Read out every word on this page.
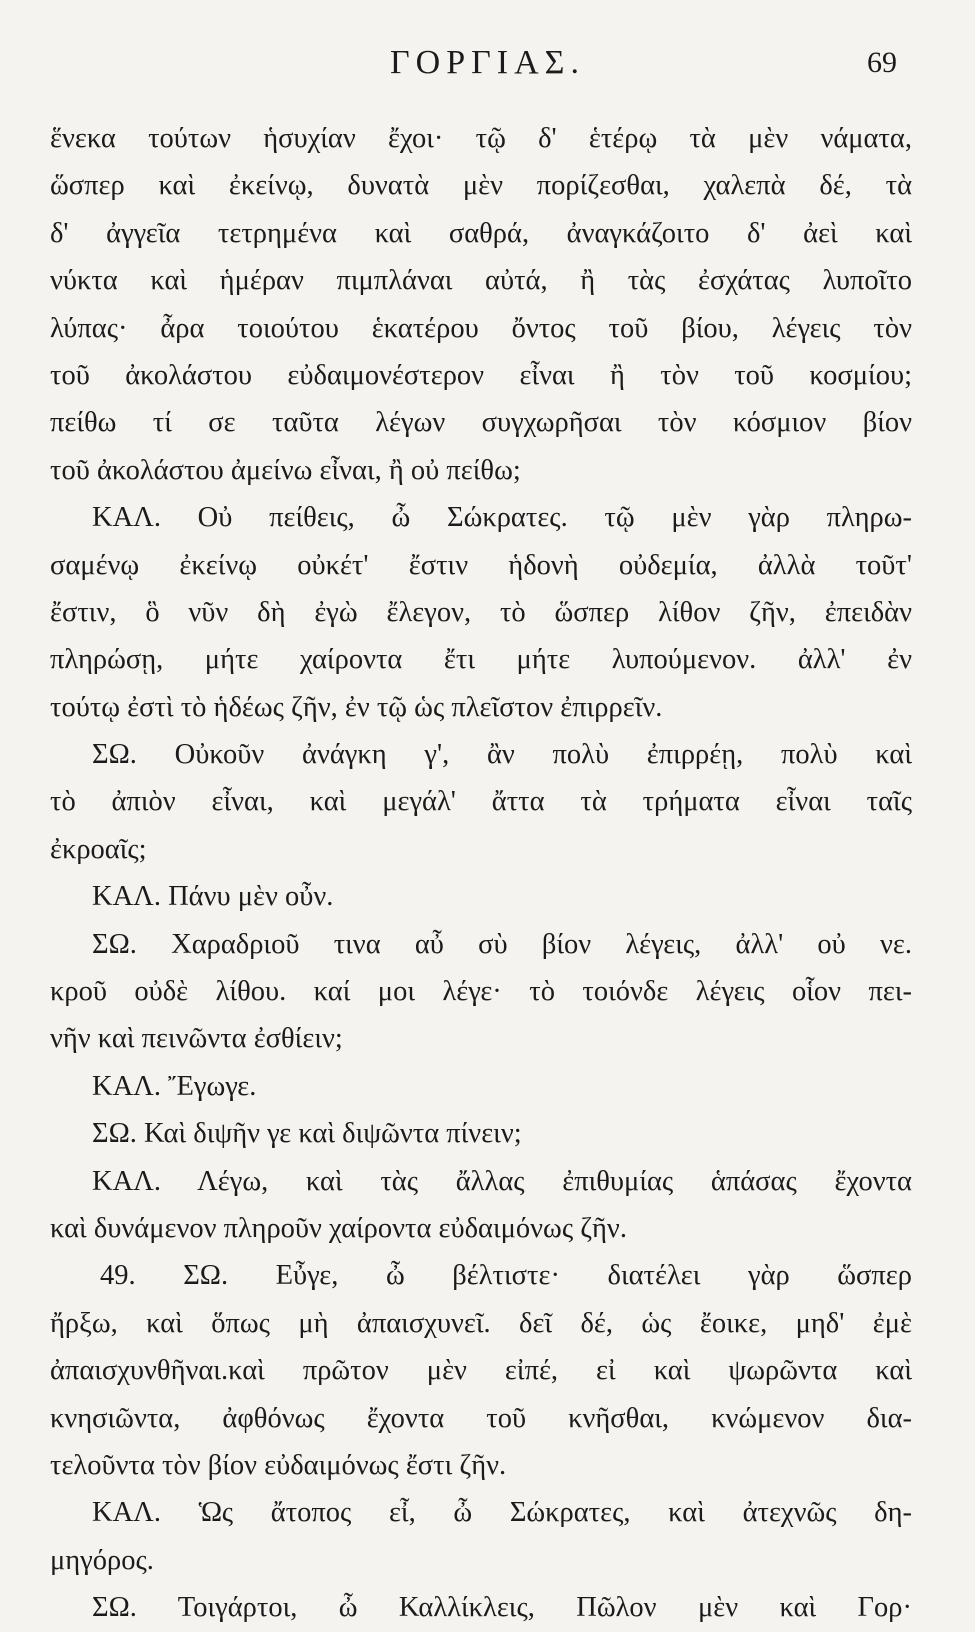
ΓΟΡΓΙΑΣ.	69
ἕνεκα τούτων ἡσυχίαν ἔχοι· τῷ δ' ἑτέρῳ τὰ μὲν νάματα,
ὥσπερ καὶ ἐκείνῳ, δυνατὰ μὲν πορίζεσθαι, χαλεπὰ δέ, τὰ
δ' ἀγγεῖα τετρημένα καὶ σαθρά, ἀναγκάζοιτο δ' ἀεὶ καὶ
νύκτα καὶ ἡμέραν πιμπλάναι αὐτά, ἢ τὰς ἐσχάτας λυποῖτο
λύπας· ἆρα τοιούτου ἑκατέρου ὄντος τοῦ βίου, λέγεις τὸν
τοῦ ἀκολάστου εὐδαιμονέστερον εἶναι ἢ τὸν τοῦ κοσμίου;
πείθω τί σε ταῦτα λέγων συγχωρῆσαι τὸν κόσμιον βίον
τοῦ ἀκολάστου ἀμείνω εἶναι, ἢ οὐ πείθω;
ΚΑΛ. Οὐ πείθεις, ὦ Σώκρατες. τῷ μὲν γὰρ πληρω-
σαμένῳ ἐκείνῳ οὐκέτ' ἔστιν ἡδονὴ οὐδεμία, ἀλλὰ τοῦτ'
ἔστιν, ὃ νῦν δὴ ἐγὼ ἔλεγον, τὸ ὥσπερ λίθον ζῆν, ἐπειδὰν
πληρώσῃ, μήτε χαίροντα ἔτι μήτε λυπούμενον. ἀλλ' ἐν
τούτῳ ἐστὶ τὸ ἡδέως ζῆν, ἐν τῷ ὡς πλεῖστον ἐπιρρεῖν.
ΣΩ. Οὐκοῦν ἀνάγκη γ', ἂν πολὺ ἐπιρρέῃ, πολὺ καὶ
τὸ ἀπιὸν εἶναι, καὶ μεγάλ' ἄττα τὰ τρήματα εἶναι ταῖς
ἐκροαῖς;
ΚΑΛ. Πάνυ μὲν οὖν.
ΣΩ. Χαραδριοῦ τινα αὖ σὺ βίον λέγεις, ἀλλ' οὐ νε.
κροῦ οὐδὲ λίθου. καί μοι λέγε· τὸ τοιόνδε λέγεις οἷον πει-
νῆν καὶ πεινῶντα ἐσθίειν;
ΚΑΛ. Ἔγωγε.
ΣΩ. Καὶ διψῆν γε καὶ διψῶντα πίνειν;
ΚΑΛ. Λέγω, καὶ τὰς ἄλλας ἐπιθυμίας ἁπάσας ἔχοντα
καὶ δυνάμενον πληροῦν χαίροντα εὐδαιμόνως ζῆν.
49. ΣΩ. Εὖγε, ὦ βέλτιστε· διατέλει γὰρ ὥσπερ
ἤρξω, καὶ ὅπως μὴ ἀπαισχυνεῖ. δεῖ δέ, ὡς ἔοικε, μηδ' ἐμὲ
ἀπαισχυνθῆναι.καὶ πρῶτον μὲν εἰπέ, εἰ καὶ ψωρῶντα καὶ
κνησιῶντα, ἀφθόνως ἔχοντα τοῦ κνῆσθαι, κνώμενον δια-
τελοῦντα τὸν βίον εὐδαιμόνως ἔστι ζῆν.
ΚΑΛ. Ὡς ἄτοπος εἶ, ὦ Σώκρατες, καὶ ἀτεχνῶς δη-
μηγόρος.
ΣΩ. Τοιγάρτοι, ὦ Καλλίκλεις, Πῶλον μὲν καὶ Γορ·
